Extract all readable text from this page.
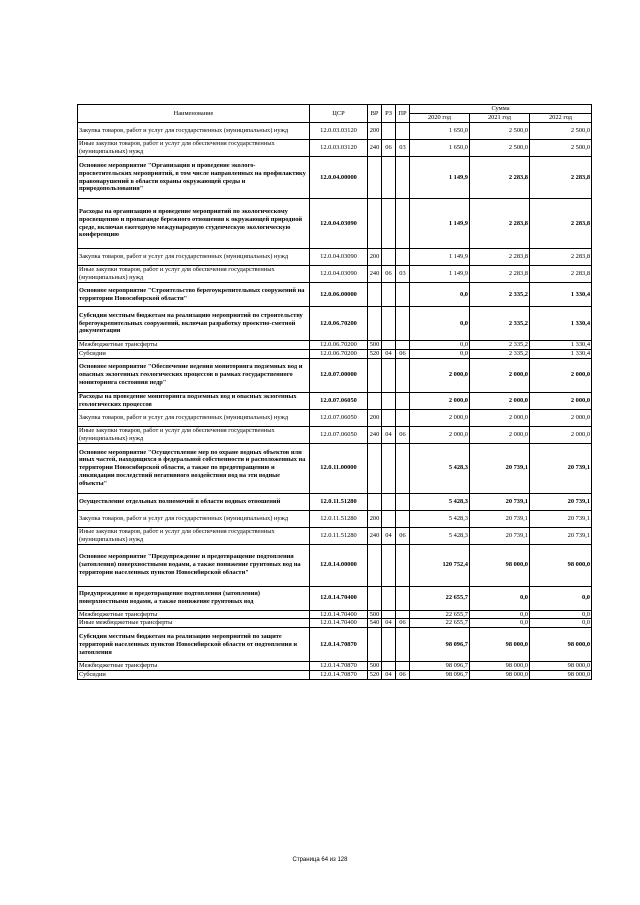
Наименование	ЦСР	ВР	РЗ	ПР	Сумма		
					2020 год	2021 год	2022 год
Закупка товаров, работ и услуг для государственных (муниципальных) нужд	12.0.03.03120	200			1 650,0	2 500,0	2 500,0
Иные закупки товаров, работ и услуг для обеспечения государственных (муниципальных) нужд	12.0.03.03120	240	06	03	1 650,0	2 500,0	2 500,0
Основное мероприятие "Организация и проведение эколого-просветительских мероприятий, в том числе направленных на профилактику правонарушений в области охраны окружающей среды и природопользования"	12.0.04.00000				1 149,9	2 283,8	2 283,8
Расходы на организацию и проведение мероприятий по экологическому просвещению и пропаганде бережного отношения к окружающей природной среде, включая ежегодную международную студенческую экологическую конференцию	12.0.04.03090				1 149,9	2 283,8	2 283,8
Закупка товаров, работ и услуг для государственных (муниципальных) нужд	12.0.04.03090	200			1 149,9	2 283,8	2 283,8
Иные закупки товаров, работ и услуг для обеспечения государственных (муниципальных) нужд	12.0.04.03090	240	06	03	1 149,9	2 283,8	2 283,8
Основное мероприятие "Строительство берегоукрепительных сооружений на территории Новосибирской области"	12.0.06.00000				0,0	2 335,2	1 330,4
Субсидии местным бюджетам на реализацию мероприятий по строительству берегоукрепительных сооружений, включая разработку проектно-сметной документации	12.0.06.70200				0,0	2 335,2	1 330,4
Межбюджетные трансферты	12.0.06.70200	500			0,0	2 335,2	1 330,4
Субсидии	12.0.06.70200	520	04	06	0,0	2 335,2	1 330,4
Основное мероприятие "Обеспечение ведения мониторинга подземных вод и опасных экзогенных геологических процессов в рамках государственного мониторинга состояния недр"	12.0.07.00000				2 000,0	2 000,0	2 000,0
Расходы на проведение мониторинга подземных вод и опасных экзогенных геологических процессов	12.0.07.06050				2 000,0	2 000,0	2 000,0
Закупка товаров, работ и услуг для государственных (муниципальных) нужд	12.0.07.06050	200			2 000,0	2 000,0	2 000,0
Иные закупки товаров, работ и услуг для обеспечения государственных (муниципальных) нужд	12.0.07.06050	240	04	06	2 000,0	2 000,0	2 000,0
Основное мероприятие "Осуществление мер по охране водных объектов или иных частей, находящихся в федеральной собственности и расположенных на территории Новосибирской области, а также по предотвращению и ликвидации последствий негативного воздействия вод на эти водные объекты"	12.0.11.00000				5 428,3	20 739,1	20 739,1
Осуществление отдельных полномочий в области водных отношений	12.0.11.51280				5 428,3	20 739,1	20 739,1
Закупка товаров, работ и услуг для государственных (муниципальных) нужд	12.0.11.51280	200			5 428,3	20 739,1	20 739,1
Иные закупки товаров, работ и услуг для обеспечения государственных (муниципальных) нужд	12.0.11.51280	240	04	06	5 428,3	20 739,1	20 739,1
Основное мероприятие "Предупреждение и предотвращение подтопления (затопления) поверхностными водами, а также понижение грунтовых вод на территории населенных пунктов Новосибирской области"	12.0.14.00000				120 752,4	98 000,0	98 000,0
Предупреждение и предотвращение подтопления (затопления) поверхностными водами, а также понижение грунтовых вод	12.0.14.70400				22 655,7	0,0	0,0
Межбюджетные трансферты	12.0.14.70400	500			22 655,7	0,0	0,0
Иные межбюджетные трансферты	12.0.14.70400	540	04	06	22 655,7	0,0	0,0
Субсидии местным бюджетам на реализацию мероприятий по защите территорий населенных пунктов Новосибирской области от подтопления и затопления	12.0.14.70870				98 096,7	98 000,0	98 000,0
Межбюджетные трансферты	12.0.14.70870	500			98 096,7	98 000,0	98 000,0
Субсидии	12.0.14.70870	520	04	06	98 096,7	98 000,0	98 000,0
Страница 64 из 128
